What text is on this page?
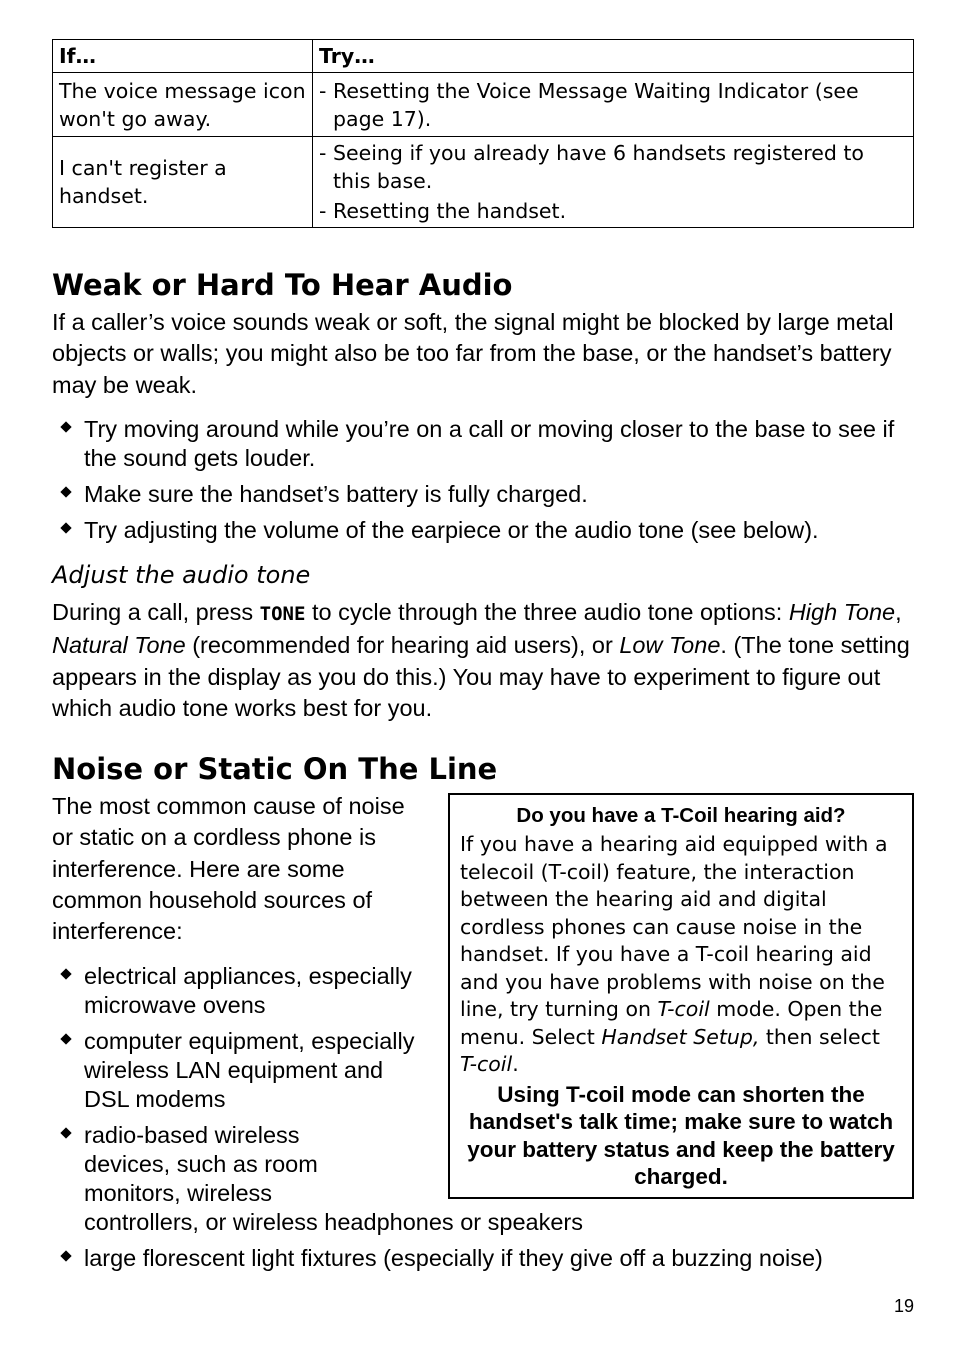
If…	Try…
The voice message icon won't go away.	- Resetting the Voice Message Waiting Indicator (see page 17).

I can't register a handset.	- Seeing if you already have 6 handsets registered to this base.
- Resetting the handset.
Weak or Hard To Hear Audio
If a caller’s voice sounds weak or soft, the signal might be blocked by large metal objects or walls; you might also be too far from the base, or the handset’s battery may be weak.
Try moving around while you’re on a call or moving closer to the base to see if the sound gets louder.
Make sure the handset’s battery is fully charged.
Try adjusting the volume of the earpiece or the audio tone (see below).
Adjust the audio tone
During a call, press TONE to cycle through the three audio tone options: High Tone, Natural Tone (recommended for hearing aid users), or Low Tone. (The tone setting appears in the display as you do this.) You may have to experiment to figure out which audio tone works best for you.
Noise or Static On The Line
The most common cause of noise or static on a cordless phone is interference. Here are some common household sources of interference:
electrical appliances, especially microwave ovens
computer equipment, especially wireless LAN equipment and DSL modems
radio-based wireless devices, such as room monitors, wireless
controllers, or wireless headphones or speakers
large florescent light fixtures (especially if they give off a buzzing noise)
Do you have a T-Coil hearing aid?
If you have a hearing aid equipped with a telecoil (T-coil) feature, the interaction between the hearing aid and digital cordless phones can cause noise in the handset. If you have a T-coil hearing aid and you have problems with noise on the line, try turning on T-coil mode. Open the menu. Select Handset Setup, then select T-coil.
Using T-coil mode can shorten the handset's talk time; make sure to watch your battery status and keep the battery charged.
19
